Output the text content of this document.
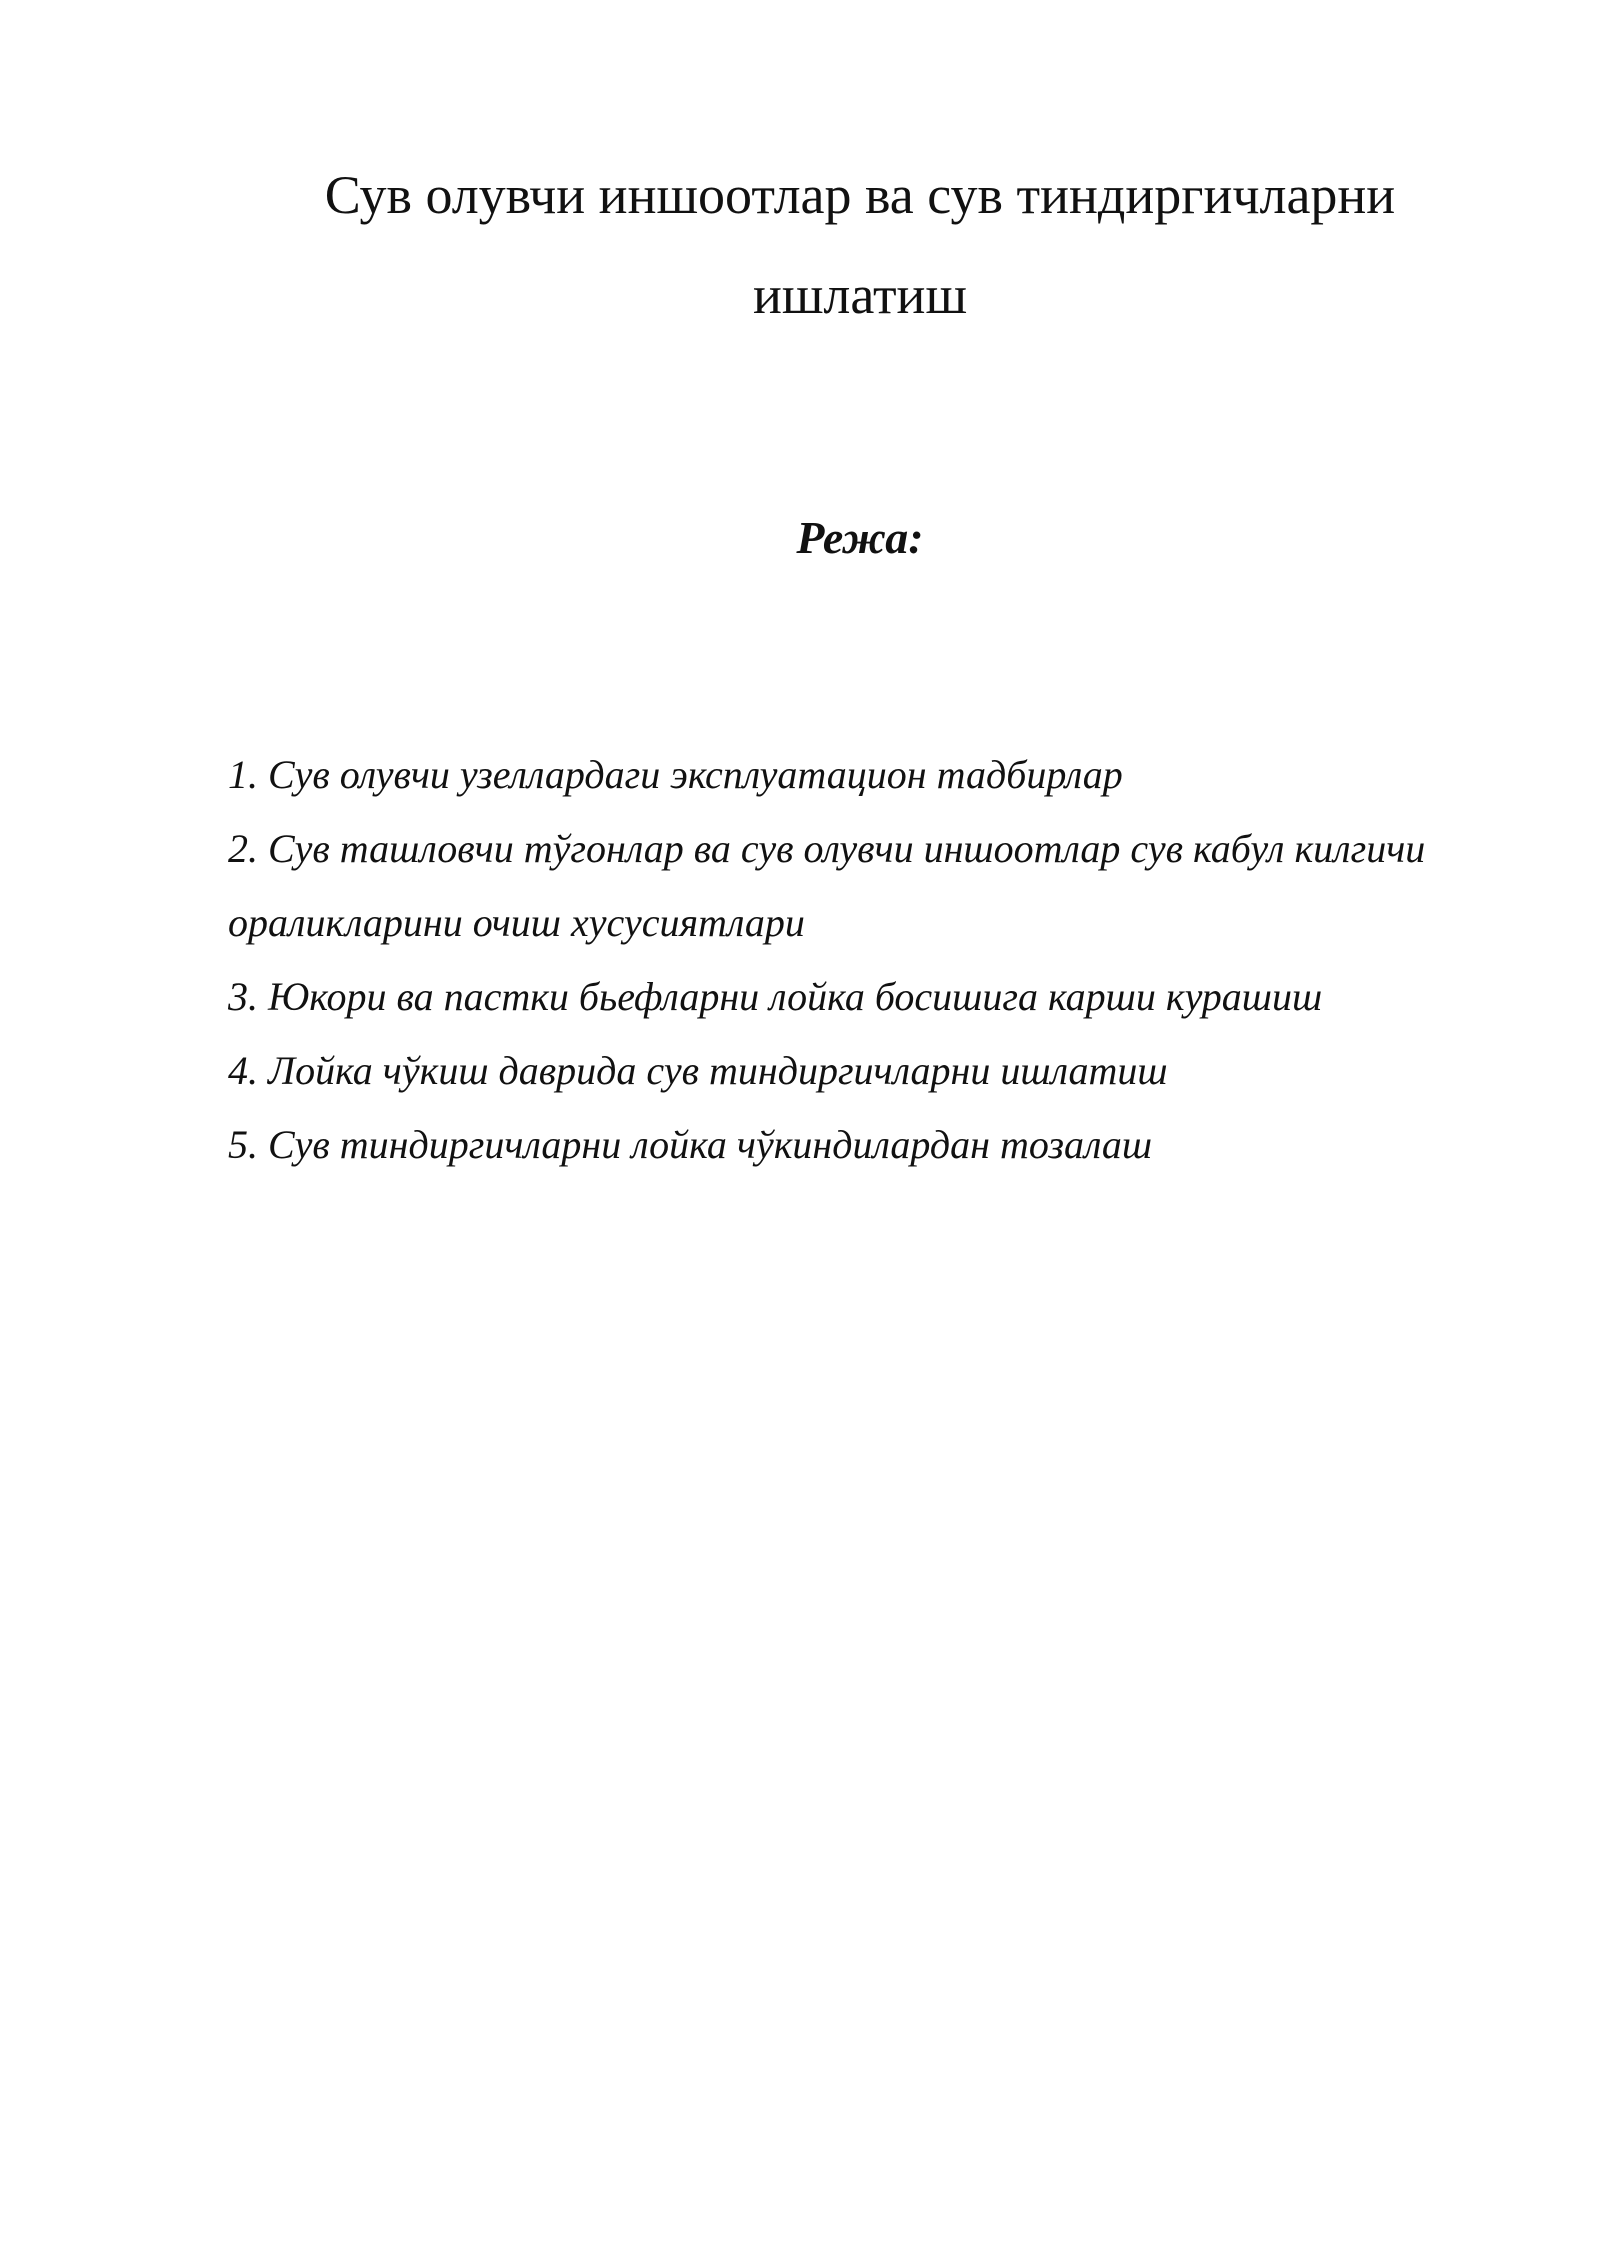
Сув олувчи иншоотлар ва сув тиндиргичларни ишлатиш
Режа:
1. Сув олувчи узеллардаги эксплуатацион тадбирлар
2. Сув ташловчи тўгонлар ва сув олувчи иншоотлар сув кабул килгичи ораликларини очиш хусусиятлари
3. Юкори ва пастки бьефларни лойка босишига карши курашиш
4. Лойка чўкиш даврида сув тиндиргичларни ишлатиш
5. Сув тиндиргичларни лойка чўкиндилардан тозалаш
